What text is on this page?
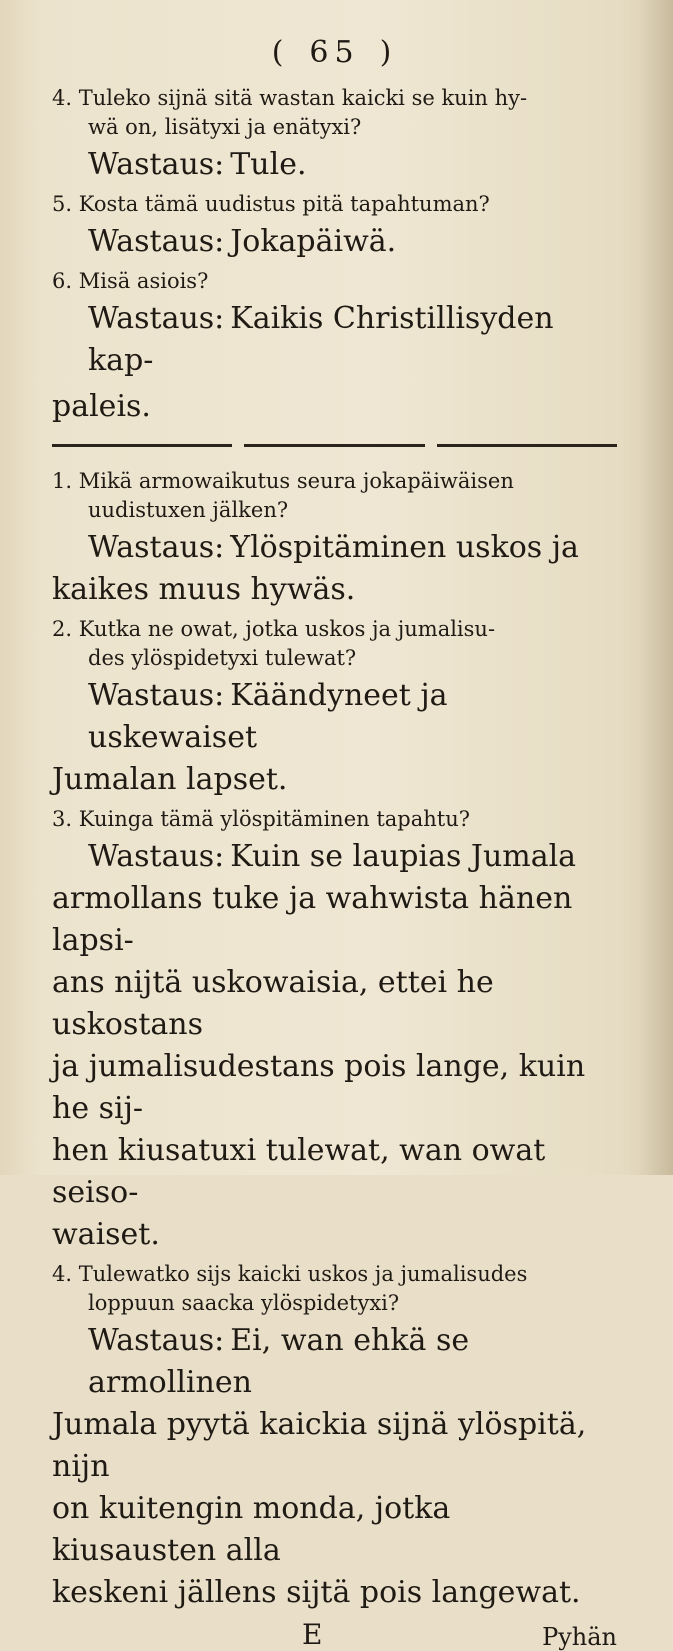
( 65 )

4. Tuleko sijnä sitä wastan kaicki se kuin hy-
wä on, lisätyxi ja enätyxi?

Wastaus: Tule.

5. Kosta tämä uudistus pitä tapahtuman?

Wastaus: Jokapäiwä.

6. Misä asiois?

Wastaus: Kaikis Christillisyden kap-
paleis.

1. Mikä armowaikutus seura jokapäiwäisen
uudistuxen jälken?

Wastaus: Ylöspitäminen uskos ja
kaikes muus hywäs.

2. Kutka ne owat, jotka uskos ja jumalisu-
des ylöspidetyxi tulewat?

Wastaus: Käändyneet ja uskewaiset
Jumalan lapset.

3. Kuinga tämä ylöspitäminen tapahtu?

Wastaus: Kuin se laupias Jumala
armollans tuke ja wahwista hänen lapsi-
ans nijtä uskowaisia, ettei he uskostans
ja jumalisudestans pois lange, kuin he sij-
hen kiusatuxi tulewat, wan owat seiso-
waiset.

4. Tulewatko sijs kaicki uskos ja jumalisudes
loppuun saacka ylöspidetyxi?

Wastaus: Ei, wan ehkä se armollinen
Jumala pyytä kaickia sijnä ylöspitä, nijn
on kuitengin monda, jotka kiusausten alla
keskeni jällens sijtä pois langewat.
E	Pyhän
